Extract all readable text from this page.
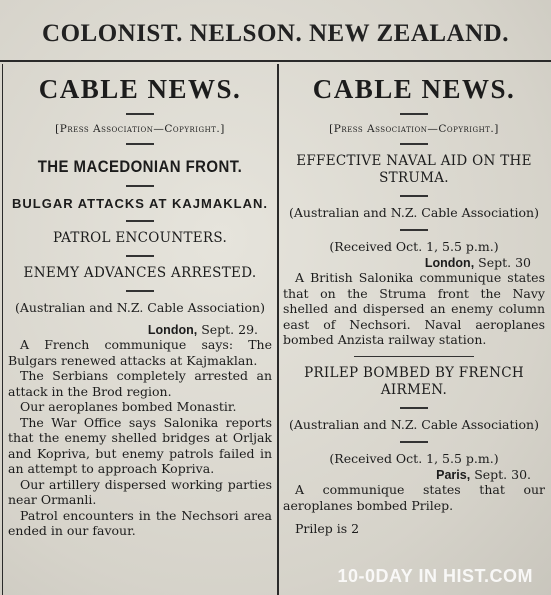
COLONIST. NELSON. NEW ZEALAND.
CABLE NEWS.
[Press Association—Copyright.]
THE MACEDONIAN FRONT.
BULGAR ATTACKS AT KAJMAKLAN.
PATROL ENCOUNTERS.
ENEMY ADVANCES ARRESTED.
(Australian and N.Z. Cable Association)
London, Sept. 29.

A French communique says: The Bulgars renewed attacks at Kajmaklan.

The Serbians completely arrested an attack in the Brod region.

Our aeroplanes bombed Monastir.

The War Office says Salonika reports that the enemy shelled bridges at Orljak and Kopriva, but enemy patrols failed in an attempt to approach Kopriva.

Our artillery dispersed working parties near Ormanli.

Patrol encounters in the Nechsori area ended in our favour.

CABLE NEWS.
[Press Association—Copyright.]
EFFECTIVE NAVAL AID ON THE STRUMA.
(Australian and N.Z. Cable Association)
(Received Oct. 1, 5.5 p.m.)
London, Sept. 30

A British Salonika communique states that on the Struma front the Navy shelled and dispersed an enemy column east of Nechsori. Naval aeroplanes bombed Anzista railway station.

PRILEP BOMBED BY FRENCH AIRMEN.
(Australian and N.Z. Cable Association)
(Received Oct. 1, 5.5 p.m.)
Paris, Sept. 30.

A communique states that our aeroplanes bombed Prilep.

Prilep is 2

10-0DAY IN HIST.COM
